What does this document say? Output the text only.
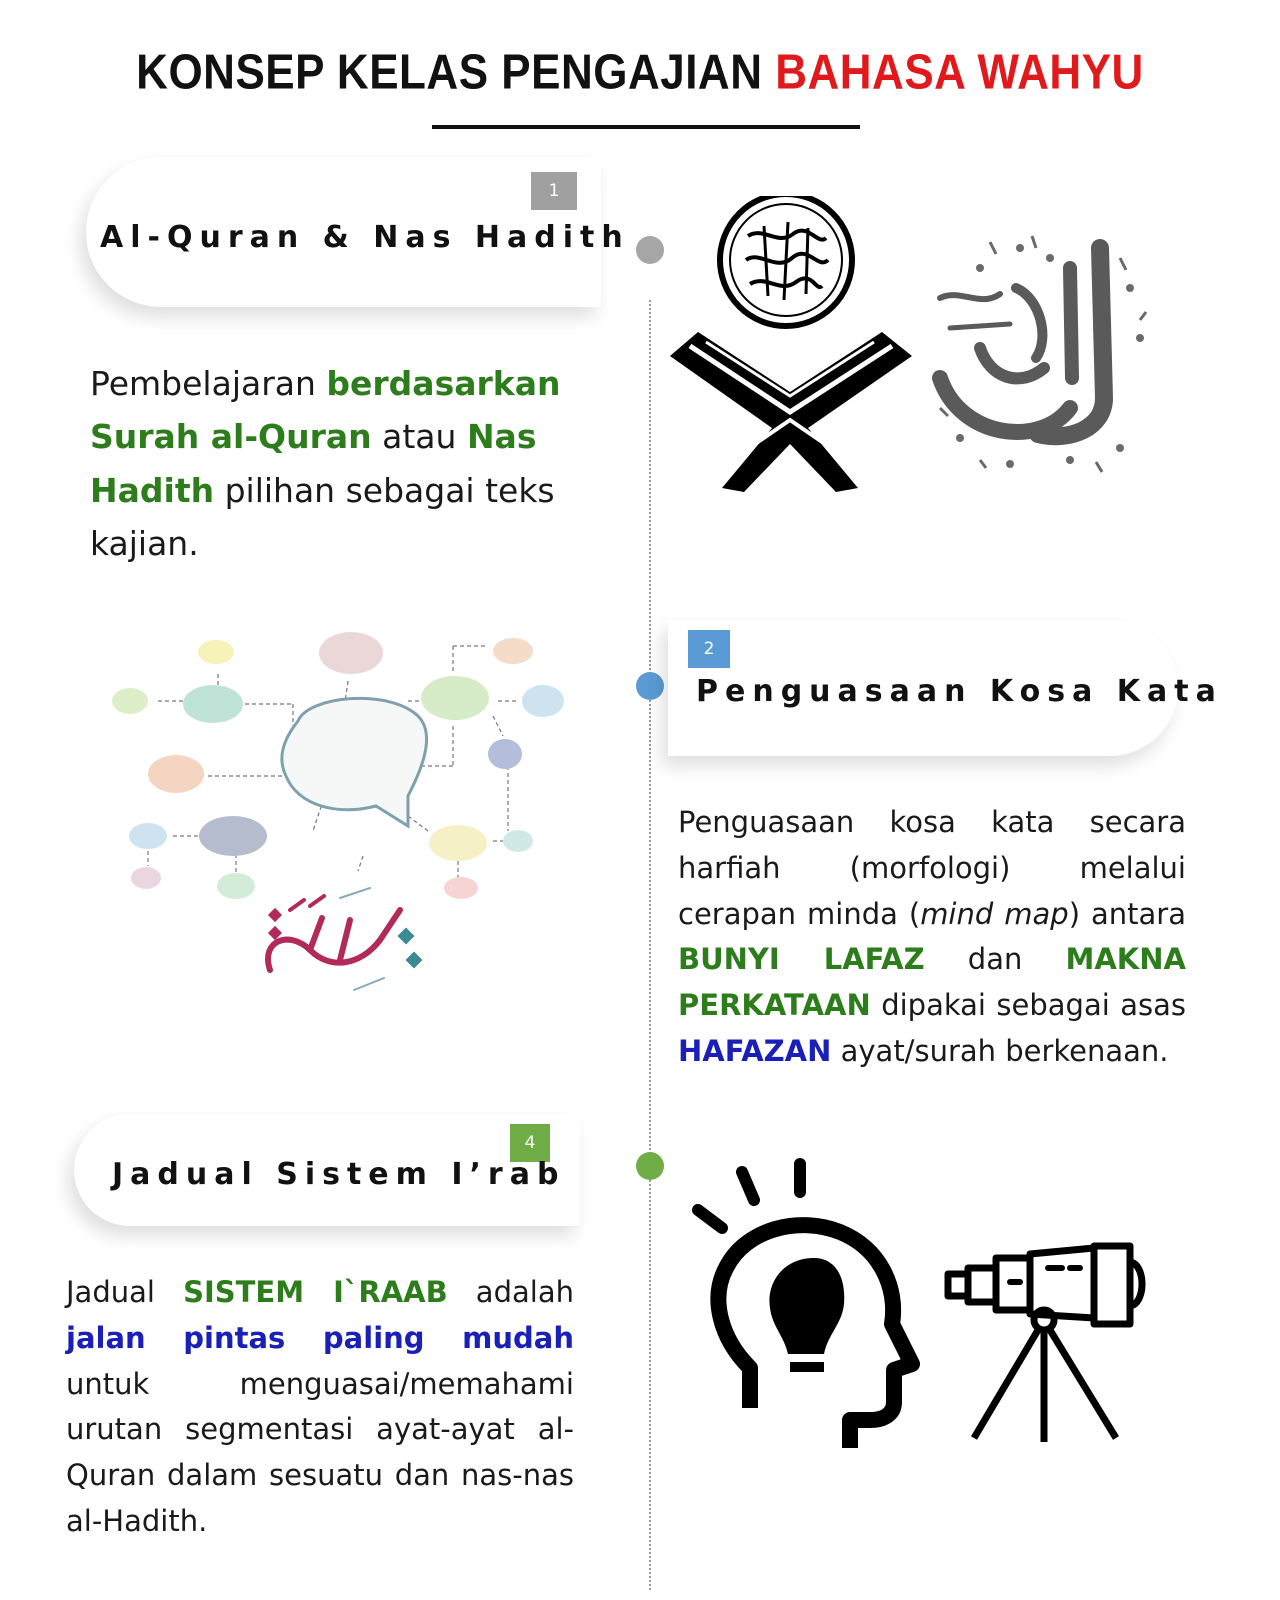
KONSEP KELAS PENGAJIAN BAHASA WAHYU
1
Al-Quran & Nas Hadith
Pembelajaran berdasarkan Surah al-Quran atau Nas Hadith pilihan sebagai teks kajian.
2
Penguasaan Kosa Kata
Penguasaan kosa kata secara harfiah (morfologi) melalui cerapan minda (mind map) antara BUNYI LAFAZ dan MAKNA PERKATAAN dipakai sebagai asas HAFAZAN ayat/surah berkenaan.
4
Jadual Sistem I’rab
Jadual SISTEM I`RAAB adalah jalan pintas paling mudah untuk menguasai/memahami urutan segmentasi ayat-ayat al-Quran dalam sesuatu dan nas-nas al-Hadith.
